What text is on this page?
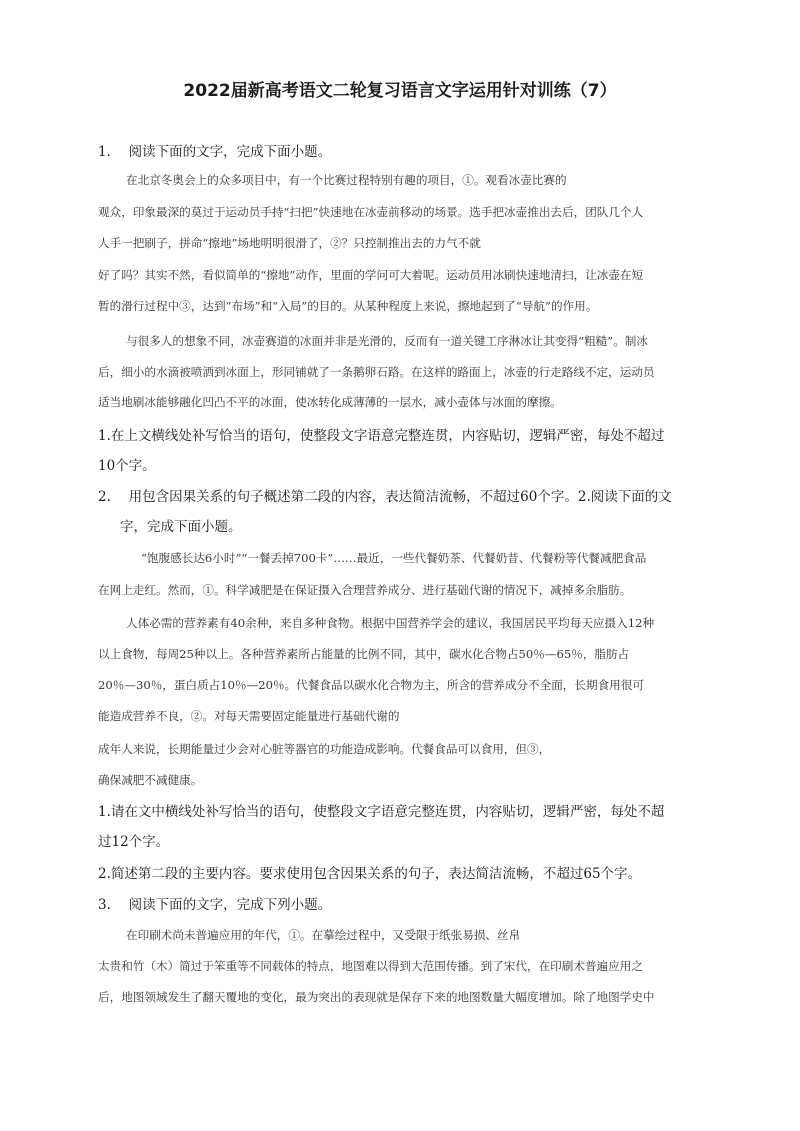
2022届新高考语文二轮复习语言文字运用针对训练（7）
1.　 阅读下面的文字，完成下面小题。
在北京冬奥会上的众多项目中，有一个比赛过程特别有趣的项目，①。观看冰壶比赛的
观众，印象最深的莫过于运动员手持“扫把”快速地在冰壶前移动的场景。选手把冰壶推出去后，团队几个人
人手一把刷子，拼命“擦地”场地明明很滑了，②？只控制推出去的力气不就
好了吗？其实不然，看似简单的“擦地”动作，里面的学问可大着呢。运动员用冰刷快速地清扫，让冰壶在短
暂的滑行过程中③，达到“布场”和“入局”的目的。从某种程度上来说，擦地起到了“导航”的作用。
与很多人的想象不同，冰壶赛道的冰面并非是光滑的，反而有一道关键工序淋冰让其变得“粗糙”。制冰
后，细小的水滴被喷洒到冰面上，形同铺就了一条鹅卵石路。在这样的路面上，冰壶的行走路线不定，运动员
适当地刷冰能够融化凹凸不平的冰面，使冰转化成薄薄的一层水，减小壶体与冰面的摩擦。
1.在上文横线处补写恰当的语句，使整段文字语意完整连贯，内容贴切，逻辑严密，每处不超过
10个字。
2.　 用包含因果关系的句子概述第二段的内容，表达简洁流畅，不超过60个字。2.阅读下面的文
字，完成下面小题。
“饱腹感长达6小时”“一餐丢掉700卡”……最近，一些代餐奶茶、代餐奶昔、代餐粉等代餐减肥食品
在网上走红。然而，①。科学减肥是在保证摄入合理营养成分、进行基础代谢的情况下，减掉多余脂肪。
人体必需的营养素有40余种，来自多种食物。根据中国营养学会的建议，我国居民平均每天应摄入12种
以上食物，每周25种以上。各种营养素所占能量的比例不同，其中，碳水化合物占50％—65％，脂肪占
20％—30％，蛋白质占10％—20％。代餐食品以碳水化合物为主，所含的营养成分不全面，长期食用很可
能造成营养不良，②。对每天需要固定能量进行基础代谢的
成年人来说，长期能量过少会对心脏等器官的功能造成影响。代餐食品可以食用，但③，
确保减肥不减健康。
1.请在文中横线处补写恰当的语句，使整段文字语意完整连贯，内容贴切，逻辑严密，每处不超
过12个字。
2.简述第二段的主要内容。要求使用包含因果关系的句子，表达简洁流畅，不超过65个字。
3.　 阅读下面的文字，完成下列小题。
在印刷术尚未普遍应用的年代，①。在摹绘过程中，又受限于纸张易损、丝帛
太贵和竹（木）简过于笨重等不同载体的特点，地图难以得到大范围传播。到了宋代，在印刷术普遍应用之
后，地图领域发生了翻天覆地的变化，最为突出的表现就是保存下来的地图数量大幅度增加。除了地图学史中
